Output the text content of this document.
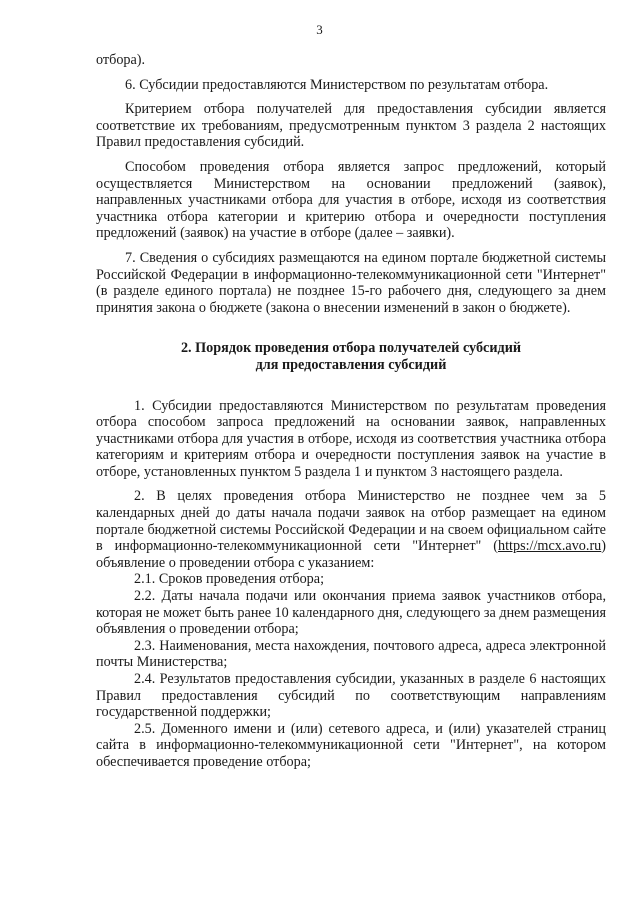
3

отбора).

6. Субсидии предоставляются Министерством по результатам отбора.

Критерием отбора получателей для предоставления субсидии является соответствие их требованиям, предусмотренным пунктом 3 раздела 2 настоящих Правил предоставления субсидий.

Способом проведения отбора является запрос предложений, который осуществляется Министерством на основании предложений (заявок), направленных участниками отбора для участия в отборе, исходя из соответствия участника отбора категории и критерию отбора и очередности поступления предложений (заявок) на участие в отборе (далее – заявки).

7. Сведения о субсидиях размещаются на едином портале бюджетной системы Российской Федерации в информационно-телекоммуникационной сети "Интернет" (в разделе единого портала) не позднее 15-го рабочего дня, следующего за днем принятия закона о бюджете (закона о внесении изменений в закон о бюджете).

2. Порядок проведения отбора получателей субсидий
для предоставления субсидий

1. Субсидии предоставляются Министерством по результатам проведения отбора способом запроса предложений на основании заявок, направленных участниками отбора для участия в отборе, исходя из соответствия участника отбора категориям и критериям отбора и очередности поступления заявок на участие в отборе, установленных пунктом 5 раздела 1 и пунктом 3 настоящего раздела.

2. В целях проведения отбора Министерство не позднее чем за 5 календарных дней до даты начала подачи заявок на отбор размещает на едином портале бюджетной системы Российской Федерации и на своем официальном сайте в информационно-телекоммуникационной сети "Интернет" (https://mcx.avo.ru) объявление о проведении отбора с указанием:

2.1. Сроков проведения отбора;

2.2. Даты начала подачи или окончания приема заявок участников отбора, которая не может быть ранее 10 календарного дня, следующего за днем размещения объявления о проведении отбора;

2.3. Наименования, места нахождения, почтового адреса, адреса электронной почты Министерства;

2.4. Результатов предоставления субсидии, указанных в разделе 6 настоящих Правил предоставления субсидий по соответствующим направлениям государственной поддержки;

2.5. Доменного имени и (или) сетевого адреса, и (или) указателей страниц сайта в информационно-телекоммуникационной сети "Интернет", на котором обеспечивается проведение отбора;
